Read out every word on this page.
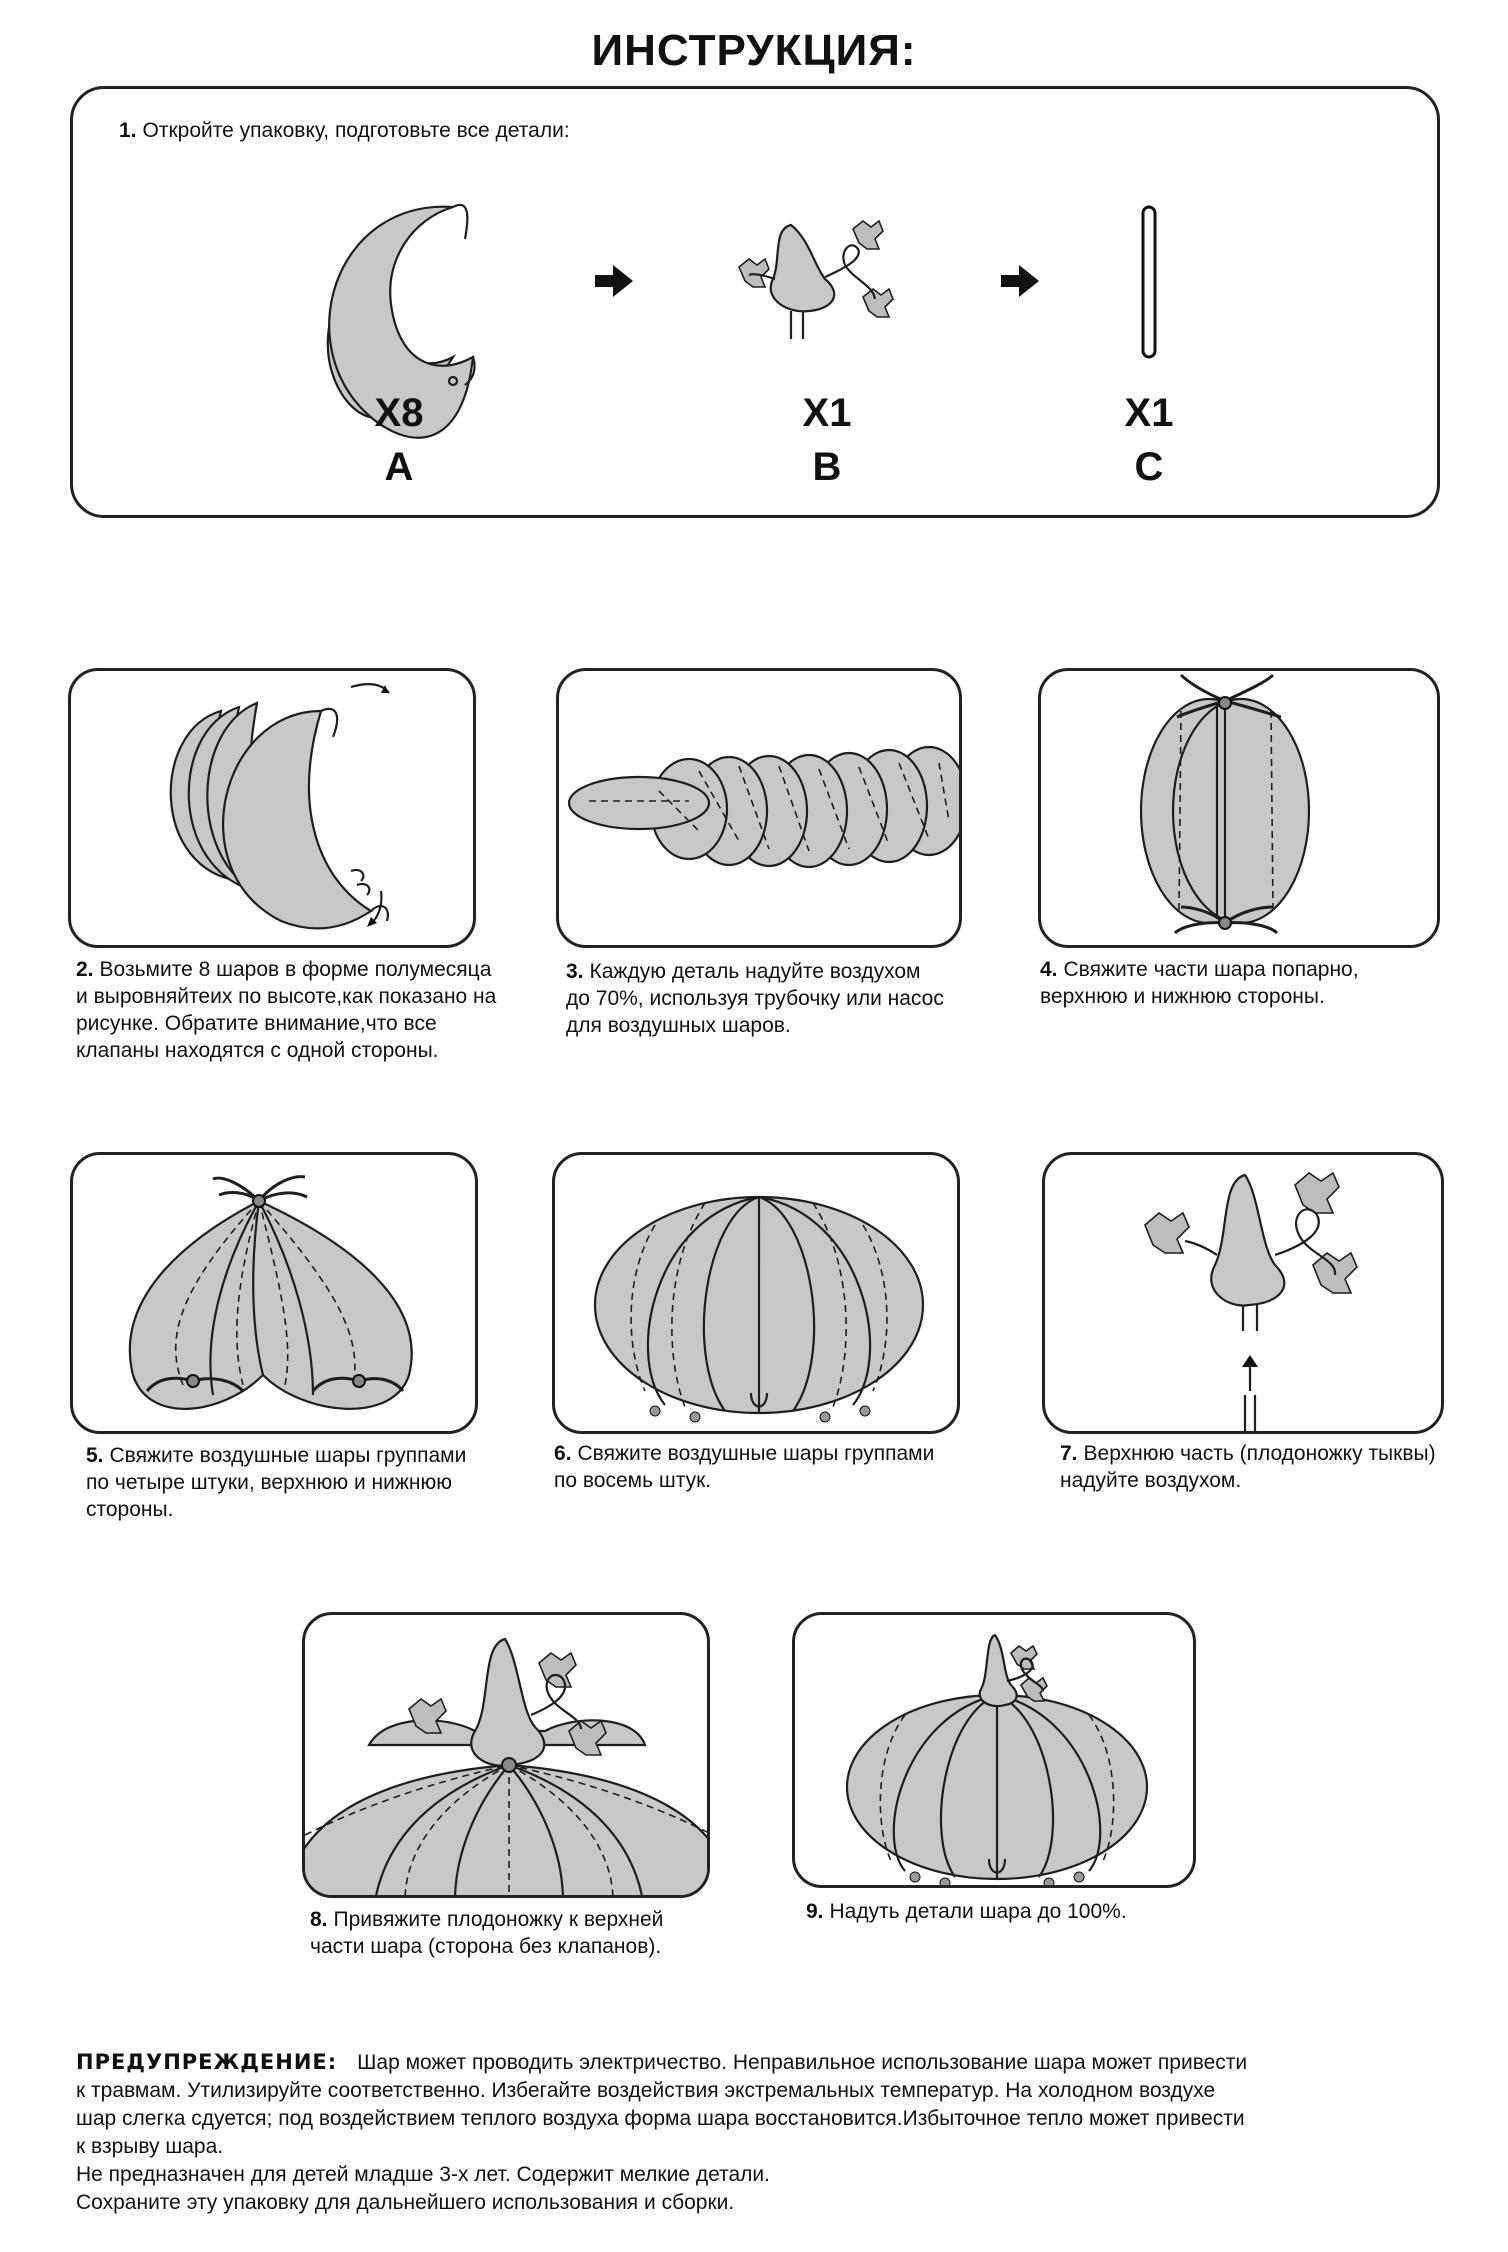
ИНСТРУКЦИЯ:
1. Откройте упаковку, подготовьте все детали:
X8
A
X1
B
X1
C
2. Возьмите 8 шаров в форме полумесяца
и выровняйтеих по высоте,как показано на
рисунке. Обратите внимание,что все
клапаны находятся с одной стороны.
3. Каждую деталь надуйте воздухом
до 70%, используя трубочку или насос
для воздушных шаров.
4. Свяжите части шара попарно,
верхнюю и нижнюю стороны.
5. Свяжите воздушные шары группами
по четыре штуки, верхнюю и нижнюю
стороны.
6. Свяжите воздушные шары группами
по восемь штук.
7. Верхнюю часть (плодоножку тыквы)
надуйте воздухом.
8. Привяжите плодоножку к верхней
части шара (сторона без клапанов).
9. Надуть детали шара до 100%.

ПРЕДУПРЕЖДЕНИЕ: Шар может проводить электричество. Неправильное использование шара может привести

к травмам. Утилизируйте соответственно. Избегайте воздействия экстремальных температур. На холодном воздухе

шар слегка сдуется; под воздействием теплого воздуха форма шара восстановится.Избыточное тепло может привести

к взрыву шара.

Не предназначен для детей младше 3-х лет. Содержит мелкие детали.

Сохраните эту упаковку для дальнейшего использования и сборки.
